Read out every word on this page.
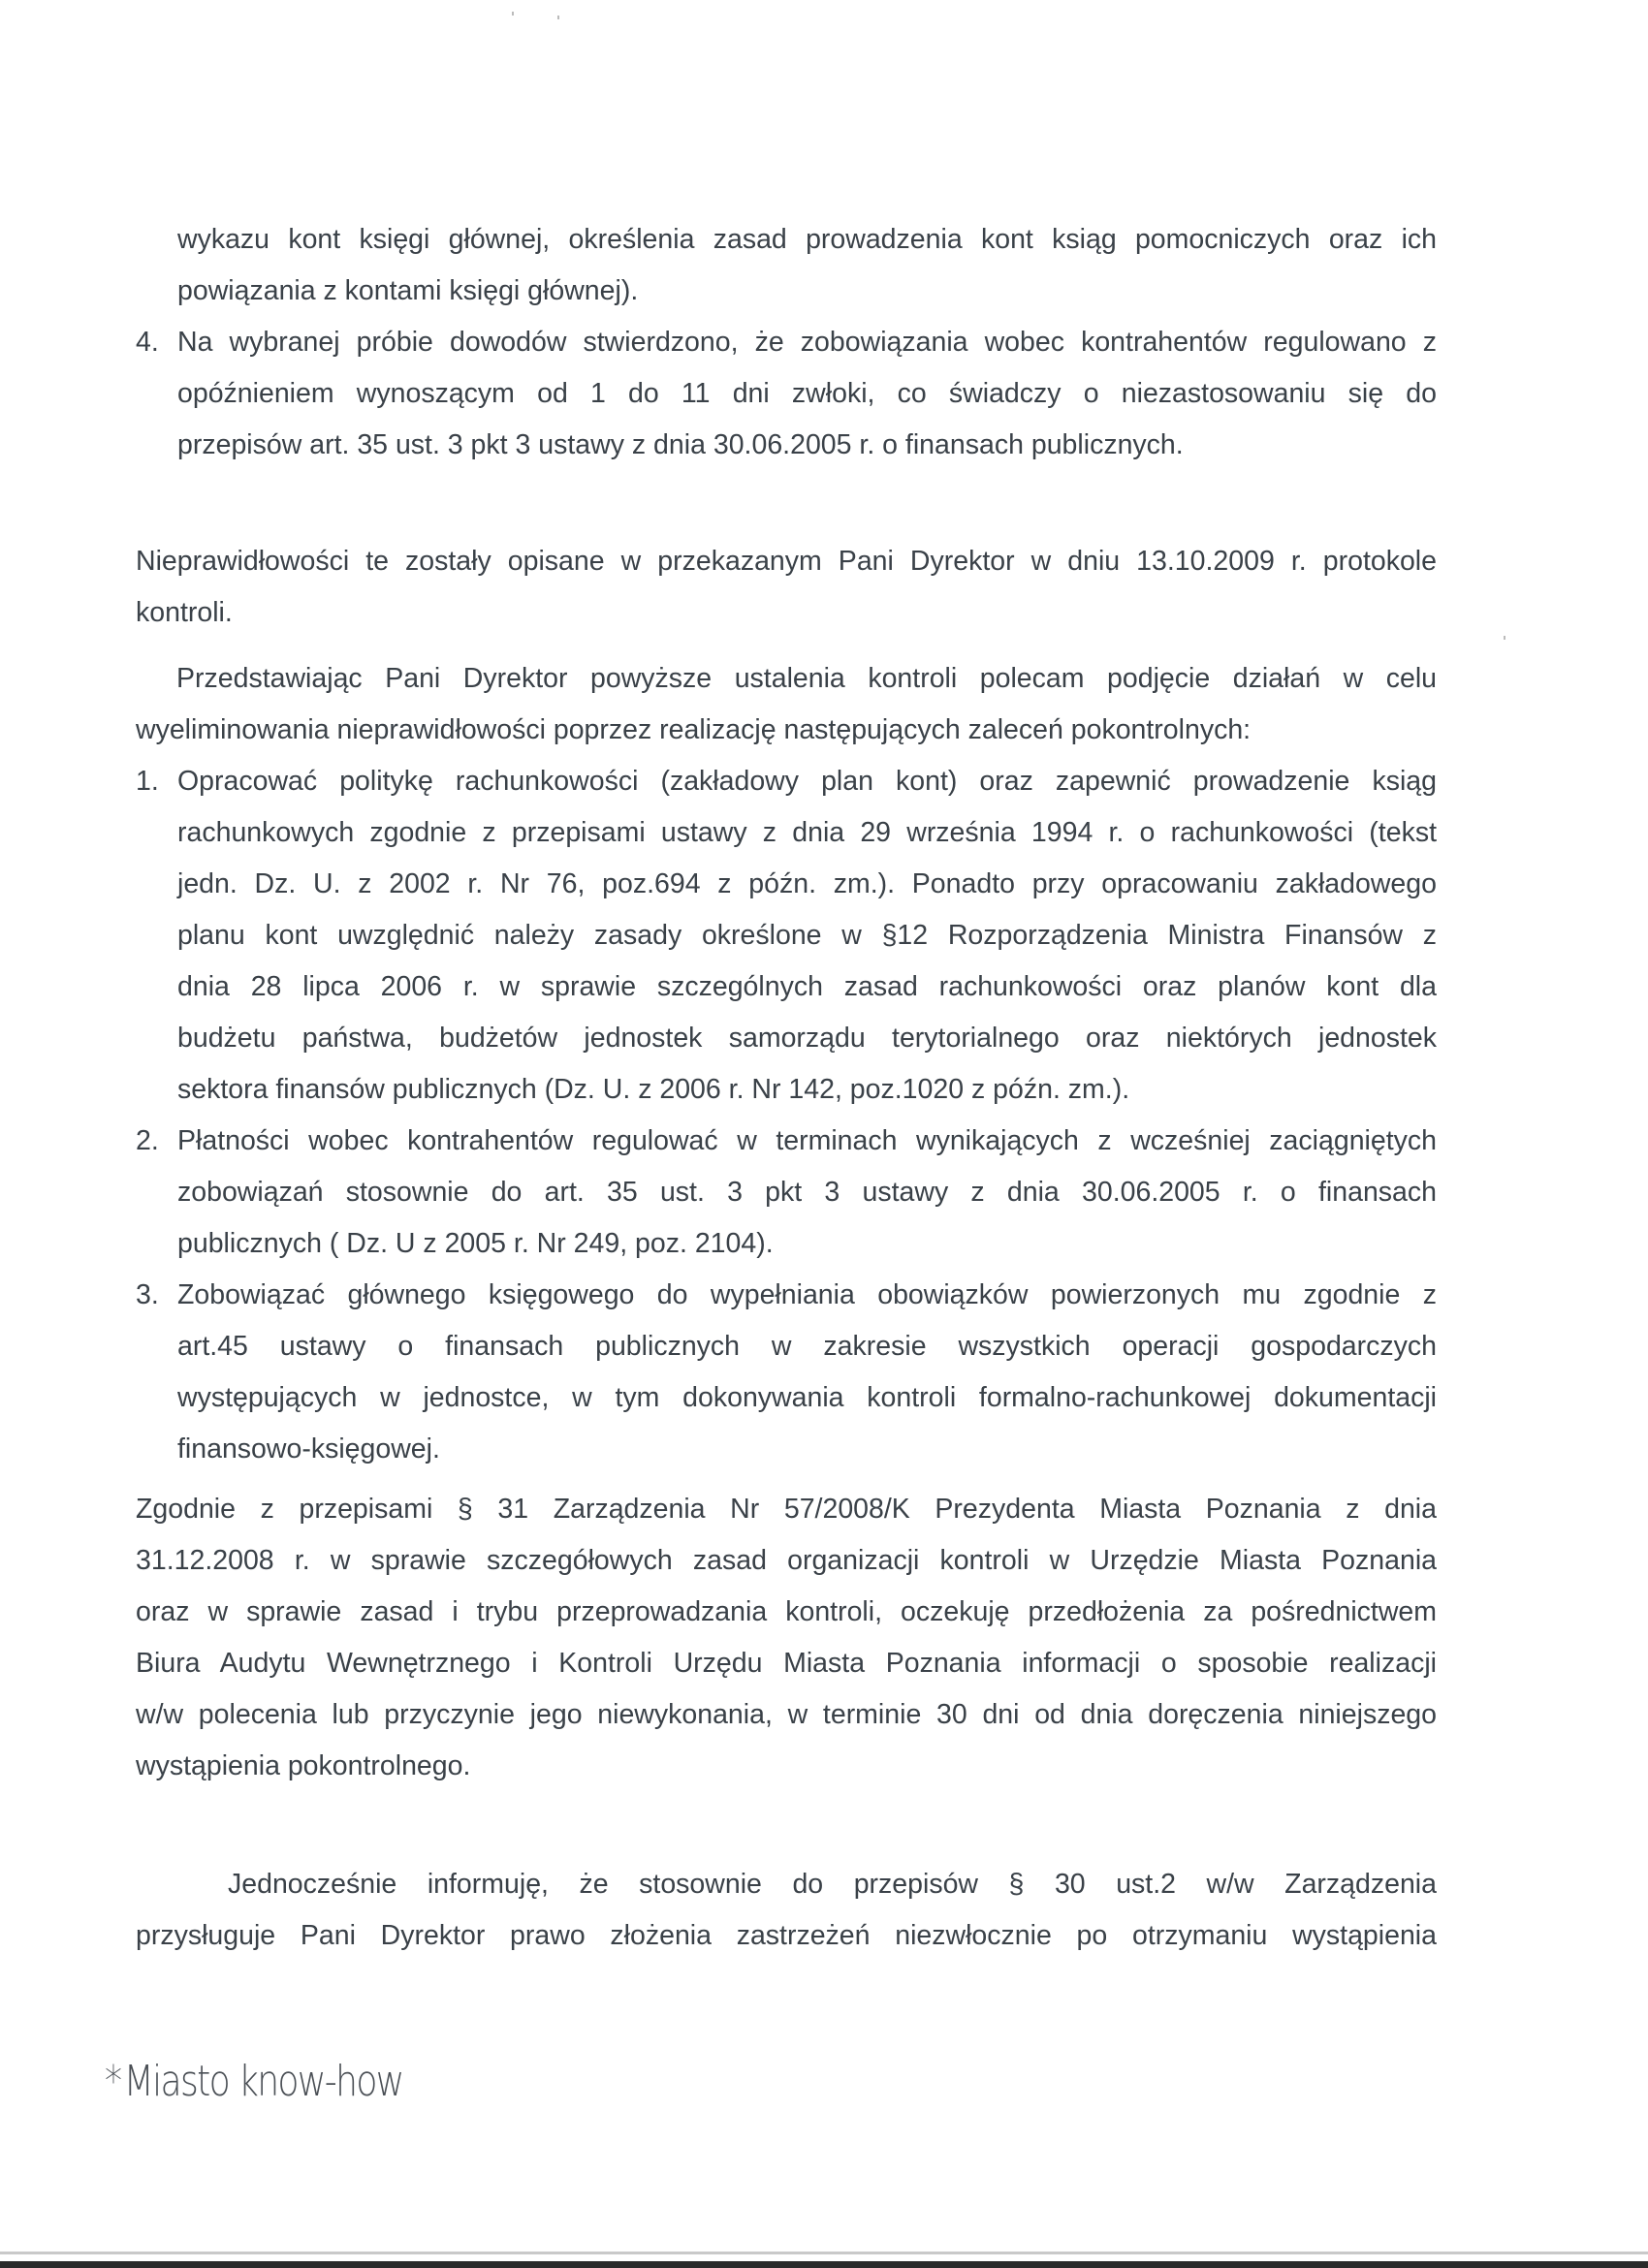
wykazu kont księgi głównej, określenia zasad prowadzenia kont ksiąg pomocniczych oraz ich
powiązania z kontami księgi głównej).
4. Na wybranej próbie dowodów stwierdzono, że zobowiązania wobec kontrahentów regulowano z
opóźnieniem wynoszącym od 1 do 11 dni zwłoki, co świadczy o niezastosowaniu się do
przepisów art. 35 ust. 3 pkt 3 ustawy z dnia 30.06.2005 r. o finansach publicznych.
Nieprawidłowości te zostały opisane w przekazanym Pani Dyrektor w dniu 13.10.2009 r. protokole
kontroli.
Przedstawiając Pani Dyrektor powyższe ustalenia kontroli polecam podjęcie działań w celu
wyeliminowania nieprawidłowości poprzez realizację następujących zaleceń pokontrolnych:
1. Opracować politykę rachunkowości (zakładowy plan kont) oraz zapewnić prowadzenie ksiąg
rachunkowych zgodnie z przepisami ustawy z dnia 29 września 1994 r. o rachunkowości (tekst
jedn. Dz. U. z 2002 r. Nr 76, poz.694 z późn. zm.). Ponadto przy opracowaniu zakładowego
planu kont uwzględnić należy zasady określone w §12 Rozporządzenia Ministra Finansów z
dnia 28 lipca 2006 r. w sprawie szczególnych zasad rachunkowości oraz planów kont dla
budżetu państwa, budżetów jednostek samorządu terytorialnego oraz niektórych jednostek
sektora finansów publicznych (Dz. U. z 2006 r. Nr 142, poz.1020 z późn. zm.).
2. Płatności wobec kontrahentów regulować w terminach wynikających z wcześniej zaciągniętych
zobowiązań stosownie do art. 35 ust. 3 pkt 3 ustawy z dnia 30.06.2005 r. o finansach
publicznych ( Dz. U z 2005 r. Nr 249, poz. 2104).
3. Zobowiązać głównego księgowego do wypełniania obowiązków powierzonych mu zgodnie z
art.45 ustawy o finansach publicznych w zakresie wszystkich operacji gospodarczych
występujących w jednostce, w tym dokonywania kontroli formalno-rachunkowej dokumentacji
finansowo-księgowej.
Zgodnie z przepisami § 31 Zarządzenia Nr 57/2008/K Prezydenta Miasta Poznania z dnia
31.12.2008 r. w sprawie szczegółowych zasad organizacji kontroli w Urzędzie Miasta Poznania
oraz w sprawie zasad i trybu przeprowadzania kontroli, oczekuję przedłożenia za pośrednictwem
Biura Audytu Wewnętrznego i Kontroli Urzędu Miasta Poznania informacji o sposobie realizacji
w/w polecenia lub przyczynie jego niewykonania, w terminie 30 dni od dnia doręczenia niniejszego
wystąpienia pokontrolnego.
Jednocześnie informuję, że stosownie do przepisów § 30 ust.2 w/w Zarządzenia
przysługuje Pani Dyrektor prawo złożenia zastrzeżeń niezwłocznie po otrzymaniu wystąpienia
*Miasto know-how
